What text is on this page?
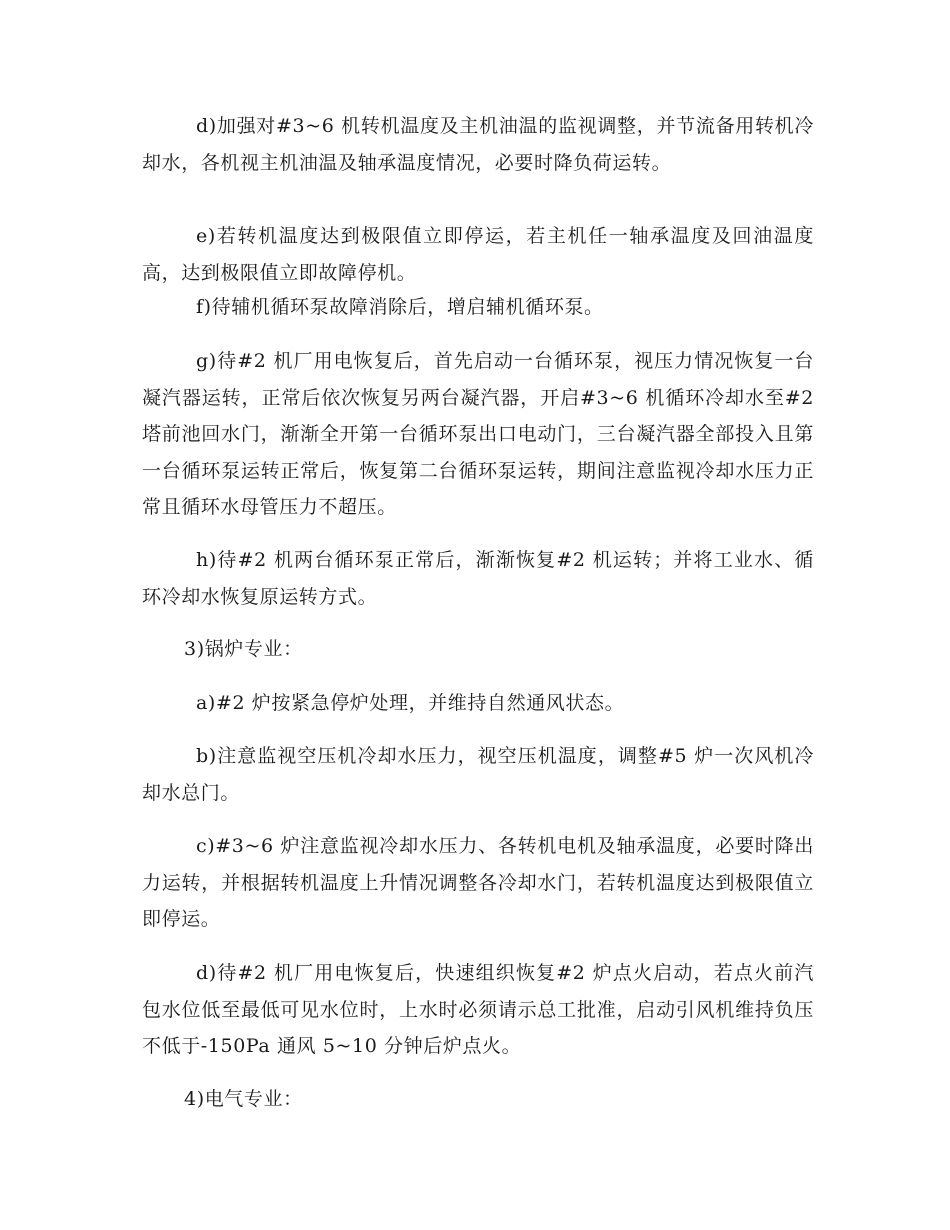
d)加强对#3~6 机转机温度及主机油温的监视调整，并节流备用转机冷却水，各机视主机油温及轴承温度情况，必要时降负荷运转。

e)若转机温度达到极限值立即停运，若主机任一轴承温度及回油温度高，达到极限值立即故障停机。

f)待辅机循环泵故障消除后，增启辅机循环泵。

g)待#2 机厂用电恢复后，首先启动一台循环泵，视压力情况恢复一台凝汽器运转，正常后依次恢复另两台凝汽器，开启#3~6 机循环冷却水至#2 塔前池回水门，渐渐全开第一台循环泵出口电动门，三台凝汽器全部投入且第一台循环泵运转正常后，恢复第二台循环泵运转，期间注意监视冷却水压力正常且循环水母管压力不超压。

h)待#2 机两台循环泵正常后，渐渐恢复#2 机运转；并将工业水、循环冷却水恢复原运转方式。

3)锅炉专业：

a)#2 炉按紧急停炉处理，并维持自然通风状态。

b)注意监视空压机冷却水压力，视空压机温度，调整#5 炉一次风机冷却水总门。

c)#3~6 炉注意监视冷却水压力、各转机电机及轴承温度，必要时降出力运转，并根据转机温度上升情况调整各冷却水门，若转机温度达到极限值立即停运。

d)待#2 机厂用电恢复后，快速组织恢复#2 炉点火启动，若点火前汽包水位低至最低可见水位时，上水时必须请示总工批准，启动引风机维持负压不低于-150Pa 通风 5~10 分钟后炉点火。

4)电气专业：
